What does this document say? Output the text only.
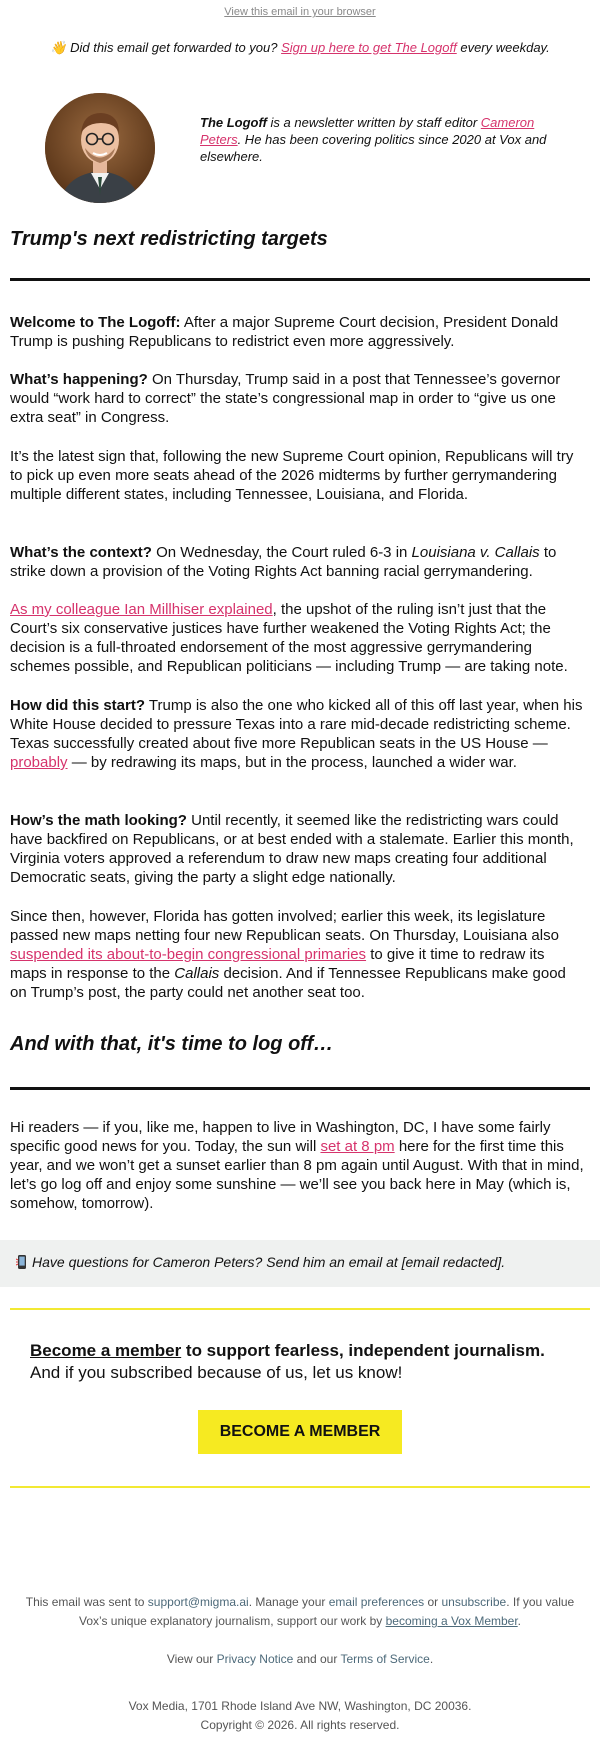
View this email in your browser
👋 Did this email get forwarded to you? Sign up here to get The Logoff every weekday.
The Logoff is a newsletter written by staff editor Cameron Peters. He has been covering politics since 2020 at Vox and elsewhere.
Trump's next redistricting targets

Welcome to The Logoff: After a major Supreme Court decision, President Donald Trump is pushing Republicans to redistrict even more aggressively.

What’s happening? On Thursday, Trump said in a post that Tennessee’s governor would “work hard to correct” the state’s congressional map in order to “give us one extra seat” in Congress.

It’s the latest sign that, following the new Supreme Court opinion, Republicans will try to pick up even more seats ahead of the 2026 midterms by further gerrymandering multiple different states, including Tennessee, Louisiana, and Florida.

What’s the context? On Wednesday, the Court ruled 6-3 in Louisiana v. Callais to strike down a provision of the Voting Rights Act banning racial gerrymandering.

As my colleague Ian Millhiser explained, the upshot of the ruling isn’t just that the Court’s six conservative justices have further weakened the Voting Rights Act; the decision is a full-throated endorsement of the most aggressive gerrymandering schemes possible, and Republican politicians — including Trump — are taking note.

How did this start? Trump is also the one who kicked all of this off last year, when his White House decided to pressure Texas into a rare mid-decade redistricting scheme. Texas successfully created about five more Republican seats in the US House — probably — by redrawing its maps, but in the process, launched a wider war.

How’s the math looking? Until recently, it seemed like the redistricting wars could have backfired on Republicans, or at best ended with a stalemate. Earlier this month, Virginia voters approved a referendum to draw new maps creating four additional Democratic seats, giving the party a slight edge nationally.

Since then, however, Florida has gotten involved; earlier this week, its legislature passed new maps netting four new Republican seats. On Thursday, Louisiana also suspended its about-to-begin congressional primaries to give it time to redraw its maps in response to the Callais decision. And if Tennessee Republicans make good on Trump’s post, the party could net another seat too.

And with that, it's time to log off…

Hi readers — if you, like me, happen to live in Washington, DC, I have some fairly specific good news for you. Today, the sun will set at 8 pm here for the first time this year, and we won’t get a sunset earlier than 8 pm again until August. With that in mind, let’s go log off and enjoy some sunshine — we’ll see you back here in May (which is, somehow, tomorrow).

Have questions for Cameron Peters? Send him an email at [email redacted].
Become a member to support fearless, independent journalism.
And if you subscribed because of us, let us know!
BECOME A MEMBER
This email was sent to support@migma.ai. Manage your email preferences or unsubscribe. If you value Vox’s unique explanatory journalism, support our work by becoming a Vox Member.
View our Privacy Notice and our Terms of Service.
Vox Media, 1701 Rhode Island Ave NW, Washington, DC 20036.
Copyright © 2026. All rights reserved.
